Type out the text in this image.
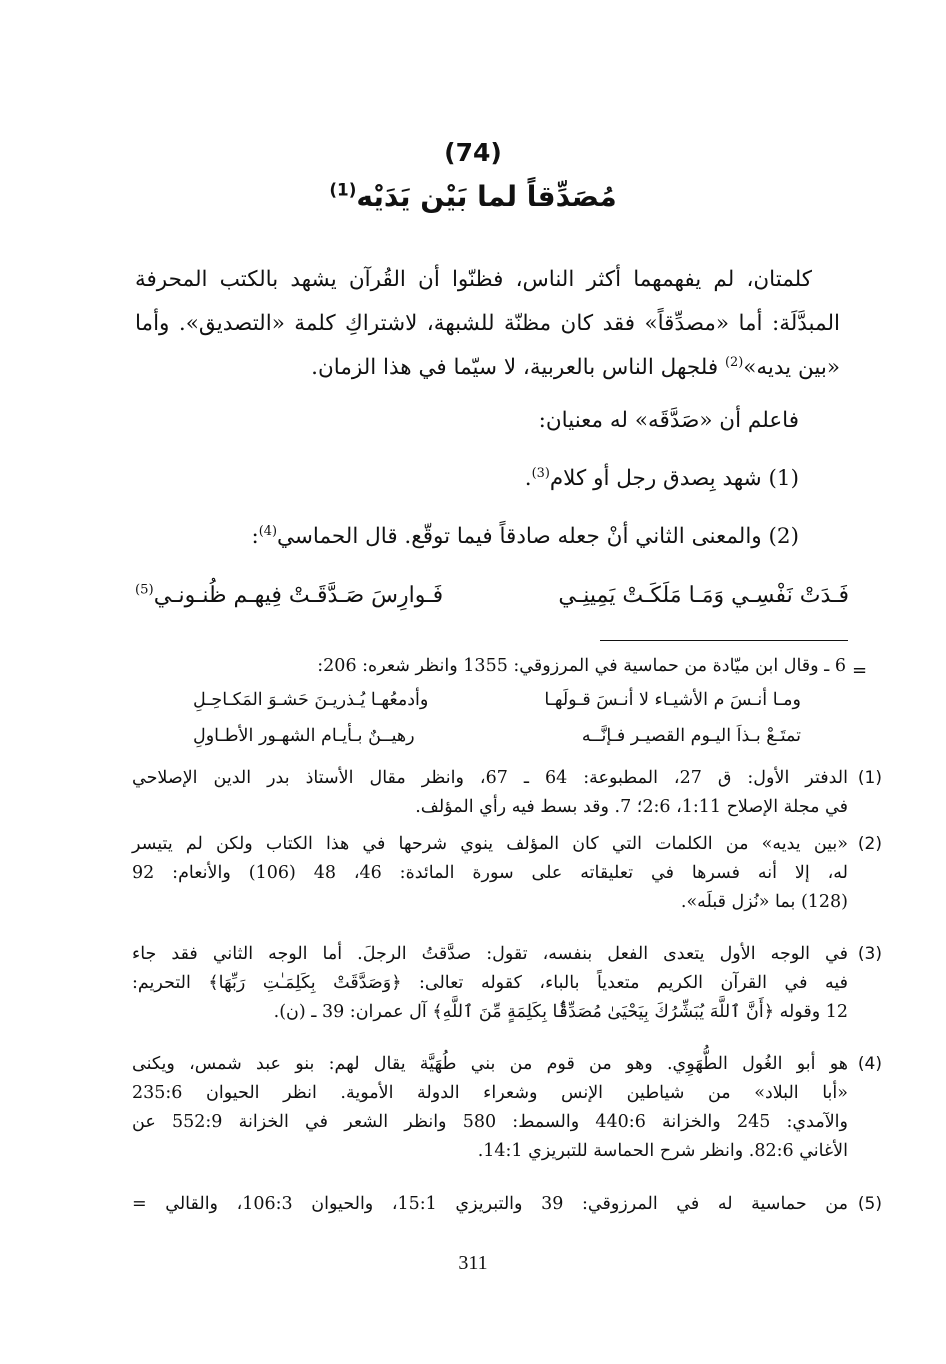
(74)
مُصَدِّقاً لما بَيْن يَدَيْه$^{(1)}$
كلمتان، لم يفهمهما أكثر الناس، فظنّوا أن القُرآن يشهد بالكتب المحرفة
المبدَّلَة: أما «مصدِّقاً» فقد كان مظنّة للشبهة، لاشتراكِ كلمة «التصديق». وأما
«بين يديه»$^{(2)}$ فلجهل الناس بالعربية، لا سيّما في هذا الزمان.
فاعلم أن «صَدَّقَه» له معنيان:
(1) شهد بِصدق رجل أو كلام$^{(3)}$.
(2) والمعنى الثاني أنْ جعله صادقاً فيما توقّع. قال الحماسي$^{(4)}$:
فَـدَتْ نَفْسِـي وَمَـا مَلَكَـتْ يَمِينِـي
فَـوارِسَ صَـدَّقَـتْ فِيهـم ظُنـونـي$^{(5)}$
=
6 ـ وقال ابن ميّادة من حماسية في المرزوقي: 1355 وانظر شعره: 206:
ومـا أنـسَ م الأشيـاء لا أنـسَ قـولَهـا
وأدمعُهـا يُـذريـنَ حَشـوَ المَكـاحِـلِ
تمتَـعْ بـذاَ اليـوم القصيـر فـإنَّــه
رهيــنٌ بـأيـام الشهـور الأطـاولِ
(1)
الدفتر الأول: ق 27، المطبوعة: 64 ـ 67، وانظر مقال الأستاذ بدر الدين الإصلاحي
في مجلة الإصلاح 1:11، 2:6؛ 7. وقد بسط فيه رأي المؤلف.
(2)
«بين يديه» من الكلمات التي كان المؤلف ينوي شرحها في هذا الكتاب ولكن لم يتيسر
له، إلا أنه فسرها في تعليقاته على سورة المائدة: 46، 48 (106) والأنعام: 92
(128) بما «نُزل قبلَه».
(3)
في الوجه الأول يتعدى الفعل بنفسه، تقول: صدَّقتُ الرجلَ. أما الوجه الثاني فقد جاء
فيه في القرآن الكريم متعدياً بالباء، كقوله تعالى: ﴿وَصَدَّقَتْ بِكَلِمَـٰتِ رَبِّهَا﴾ التحريم:
12 وقوله ﴿أَنَّ ٱللَّهَ يُبَشِّرُكَ بِيَحْيَىٰ مُصَدِّقًۢا بِكَلِمَةٍ مِّنَ ٱللَّهِ﴾ آل عمران: 39 ـ (ن).
(4)
هو أبو الغُول الطُّهَوِي. وهو من قوم من بني طُهَيَّة يقال لهم: بنو عبد شمس، ويكنى
«أبا البلاد» من شياطين الإنس وشعراء الدولة الأموية. انظر الحيوان 235:6
والآمدي: 245 والخزانة 440:6 والسمط: 580 وانظر الشعر في الخزانة 552:9 عن
الأغاني 82:6. وانظر شرح الحماسة للتبريزي 14:1.
(5)
من حماسية له في المرزوقي: 39 والتبريزي 15:1، والحيوان 106:3، والقالي =
311
